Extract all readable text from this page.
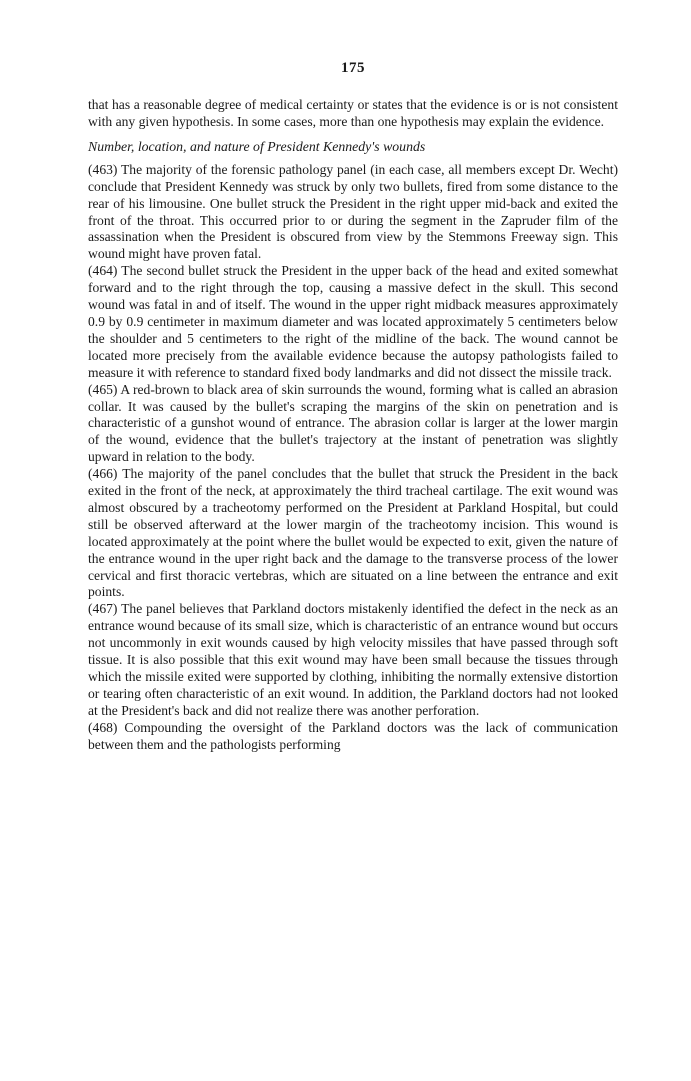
175

that has a reasonable degree of medical certainty or states that the evidence is or is not consistent with any given hypothesis. In some cases, more than one hypothesis may explain the evidence.

Number, location, and nature of President Kennedy's wounds

(463) The majority of the forensic pathology panel (in each case, all members except Dr. Wecht) conclude that President Kennedy was struck by only two bullets, fired from some distance to the rear of his limousine. One bullet struck the President in the right upper mid-back and exited the front of the throat. This occurred prior to or during the segment in the Zapruder film of the assassination when the President is obscured from view by the Stemmons Freeway sign. This wound might have proven fatal.

(464) The second bullet struck the President in the upper back of the head and exited somewhat forward and to the right through the top, causing a massive defect in the skull. This second wound was fatal in and of itself. The wound in the upper right midback measures approximately 0.9 by 0.9 centimeter in maximum diameter and was located approximately 5 centimeters below the shoulder and 5 centimeters to the right of the midline of the back. The wound cannot be located more precisely from the available evidence because the autopsy pathologists failed to measure it with reference to standard fixed body landmarks and did not dissect the missile track.

(465) A red-brown to black area of skin surrounds the wound, forming what is called an abrasion collar. It was caused by the bullet's scraping the margins of the skin on penetration and is characteristic of a gunshot wound of entrance. The abrasion collar is larger at the lower margin of the wound, evidence that the bullet's trajectory at the instant of penetration was slightly upward in relation to the body.

(466) The majority of the panel concludes that the bullet that struck the President in the back exited in the front of the neck, at approximately the third tracheal cartilage. The exit wound was almost obscured by a tracheotomy performed on the President at Parkland Hospital, but could still be observed afterward at the lower margin of the tracheotomy incision. This wound is located approximately at the point where the bullet would be expected to exit, given the nature of the entrance wound in the uper right back and the damage to the transverse process of the lower cervical and first thoracic vertebras, which are situated on a line between the entrance and exit points.

(467) The panel believes that Parkland doctors mistakenly identified the defect in the neck as an entrance wound because of its small size, which is characteristic of an entrance wound but occurs not uncommonly in exit wounds caused by high velocity missiles that have passed through soft tissue. It is also possible that this exit wound may have been small because the tissues through which the missile exited were supported by clothing, inhibiting the normally extensive distortion or tearing often characteristic of an exit wound. In addition, the Parkland doctors had not looked at the President's back and did not realize there was another perforation.

(468) Compounding the oversight of the Parkland doctors was the lack of communication between them and the pathologists performing
